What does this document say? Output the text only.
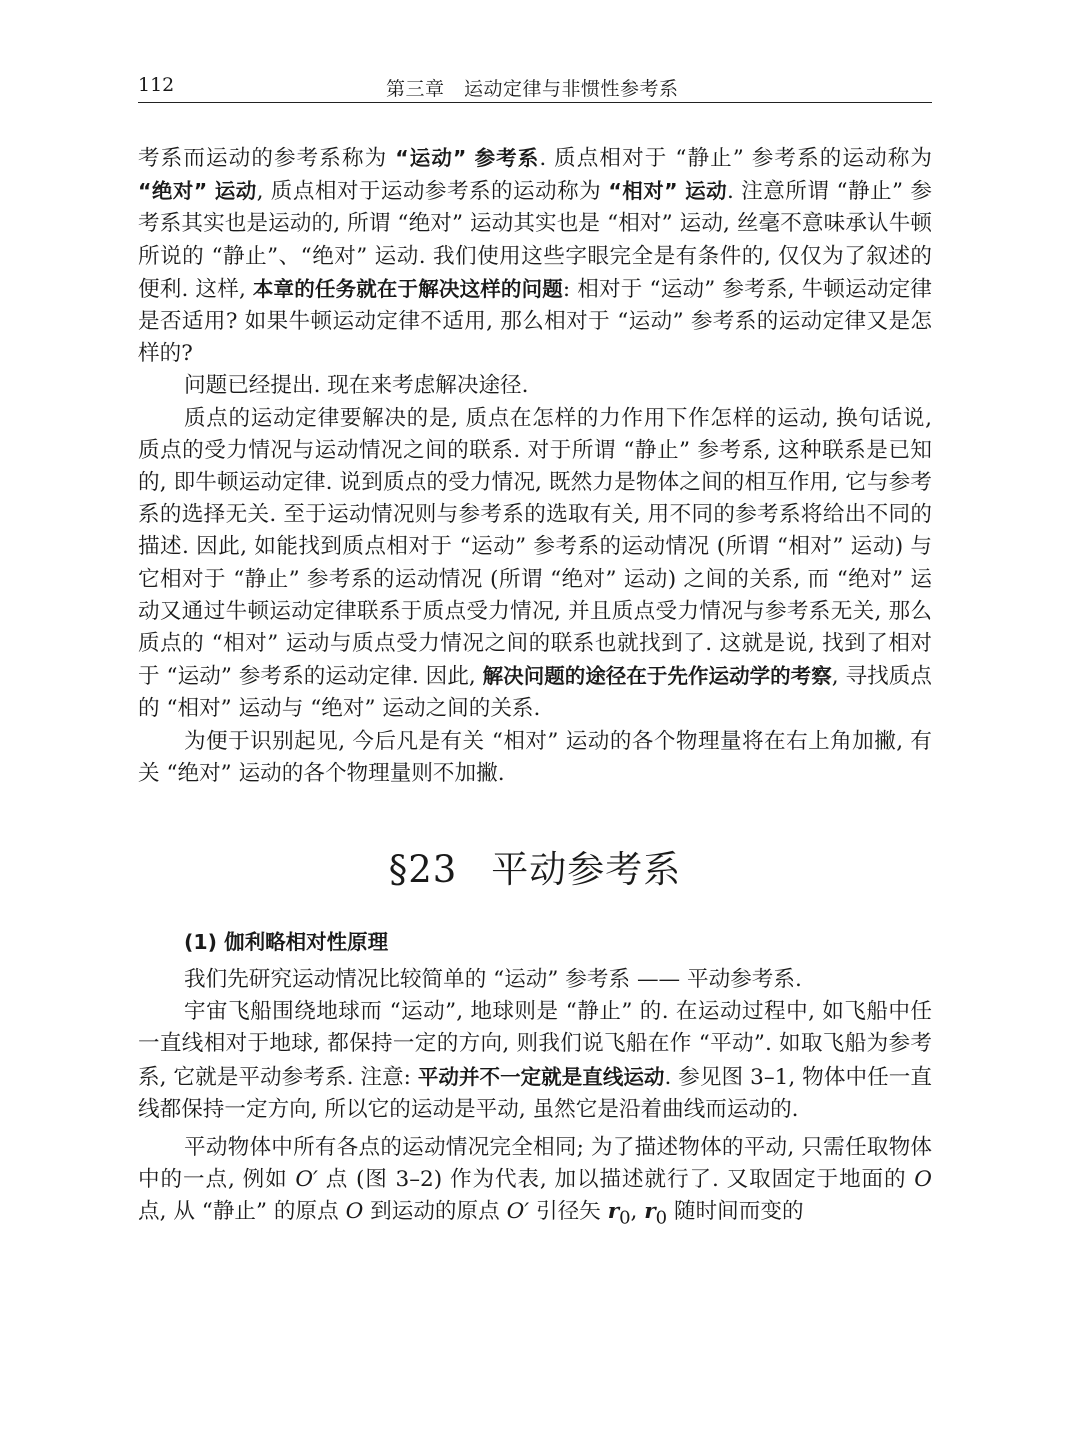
112	第三章　运动定律与非惯性参考系

考系而运动的参考系称为 “运动” 参考系. 质点相对于 “静止” 参考系的运动称为 “绝对” 运动, 质点相对于运动参考系的运动称为 “相对” 运动. 注意所谓 “静止” 参考系其实也是运动的, 所谓 “绝对” 运动其实也是 “相对” 运动, 丝毫不意味承认牛顿所说的 “静止”、“绝对” 运动. 我们使用这些字眼完全是有条件的, 仅仅为了叙述的便利. 这样, 本章的任务就在于解决这样的问题: 相对于 “运动” 参考系, 牛顿运动定律是否适用? 如果牛顿运动定律不适用, 那么相对于 “运动” 参考系的运动定律又是怎样的?

问题已经提出. 现在来考虑解决途径.

质点的运动定律要解决的是, 质点在怎样的力作用下作怎样的运动, 换句话说, 质点的受力情况与运动情况之间的联系. 对于所谓 “静止” 参考系, 这种联系是已知的, 即牛顿运动定律. 说到质点的受力情况, 既然力是物体之间的相互作用, 它与参考系的选择无关. 至于运动情况则与参考系的选取有关, 用不同的参考系将给出不同的描述. 因此, 如能找到质点相对于 “运动” 参考系的运动情况 (所谓 “相对” 运动) 与它相对于 “静止” 参考系的运动情况 (所谓 “绝对” 运动) 之间的关系, 而 “绝对” 运动又通过牛顿运动定律联系于质点受力情况, 并且质点受力情况与参考系无关, 那么质点的 “相对” 运动与质点受力情况之间的联系也就找到了. 这就是说, 找到了相对于 “运动” 参考系的运动定律. 因此, 解决问题的途径在于先作运动学的考察, 寻找质点的 “相对” 运动与 “绝对” 运动之间的关系.

为便于识别起见, 今后凡是有关 “相对” 运动的各个物理量将在右上角加撇, 有关 “绝对” 运动的各个物理量则不加撇.

§23 平动参考系
(1) 伽利略相对性原理

我们先研究运动情况比较简单的 “运动” 参考系 —— 平动参考系.

宇宙飞船围绕地球而 “运动”, 地球则是 “静止” 的. 在运动过程中, 如飞船中任一直线相对于地球, 都保持一定的方向, 则我们说飞船在作 “平动”. 如取飞船为参考系, 它就是平动参考系. 注意: 平动并不一定就是直线运动. 参见图 3–1, 物体中任一直线都保持一定方向, 所以它的运动是平动, 虽然它是沿着曲线而运动的.

平动物体中所有各点的运动情况完全相同; 为了描述物体的平动, 只需任取物体中的一点, 例如 O′ 点 (图 3–2) 作为代表, 加以描述就行了. 又取固定于地面的 O 点, 从 “静止” 的原点 O 到运动的原点 O′ 引径矢 $r_0$, $r_0$ 随时间而变的
